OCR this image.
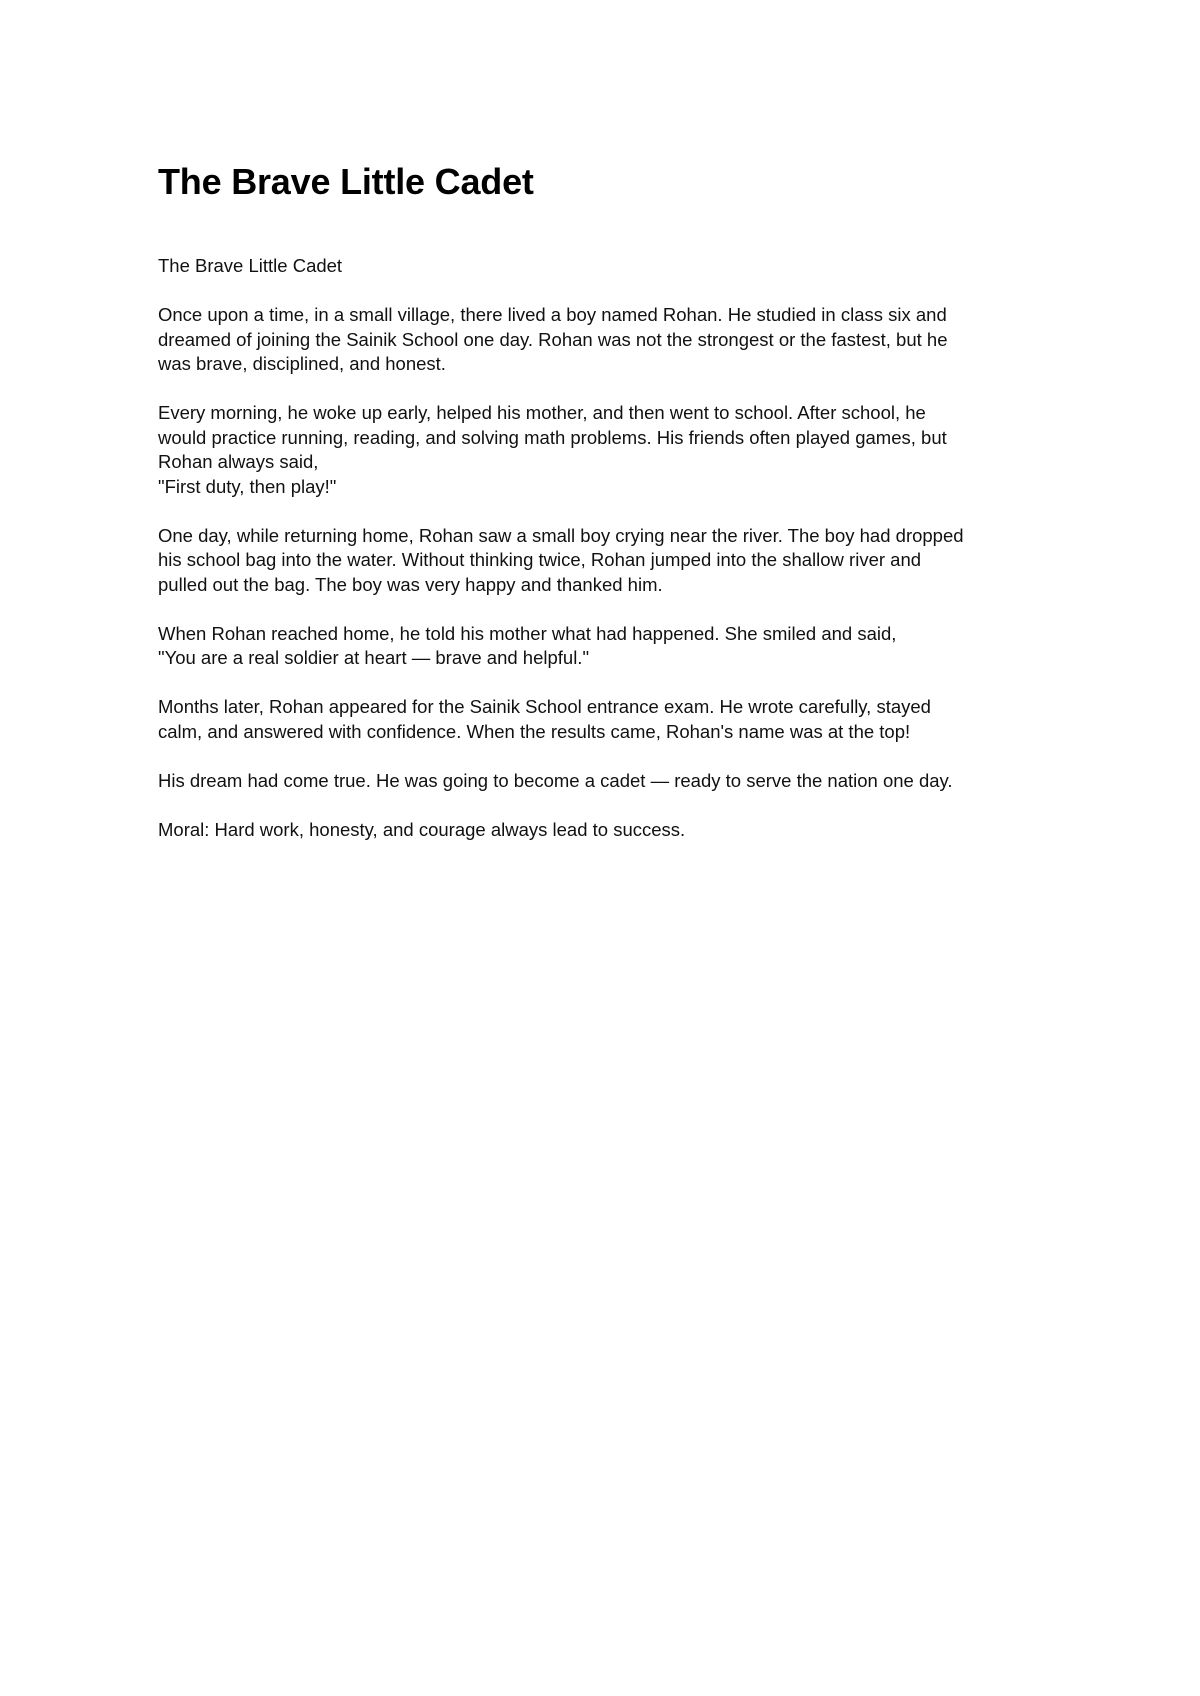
The Brave Little Cadet

The Brave Little Cadet

Once upon a time, in a small village, there lived a boy named Rohan. He studied in class six and
dreamed of joining the Sainik School one day. Rohan was not the strongest or the fastest, but he
was brave, disciplined, and honest.

Every morning, he woke up early, helped his mother, and then went to school. After school, he
would practice running, reading, and solving math problems. His friends often played games, but
Rohan always said,
"First duty, then play!"

One day, while returning home, Rohan saw a small boy crying near the river. The boy had dropped
his school bag into the water. Without thinking twice, Rohan jumped into the shallow river and
pulled out the bag. The boy was very happy and thanked him.

When Rohan reached home, he told his mother what had happened. She smiled and said,
"You are a real soldier at heart — brave and helpful."

Months later, Rohan appeared for the Sainik School entrance exam. He wrote carefully, stayed
calm, and answered with confidence. When the results came, Rohan's name was at the top!

His dream had come true. He was going to become a cadet — ready to serve the nation one day.

Moral: Hard work, honesty, and courage always lead to success.
